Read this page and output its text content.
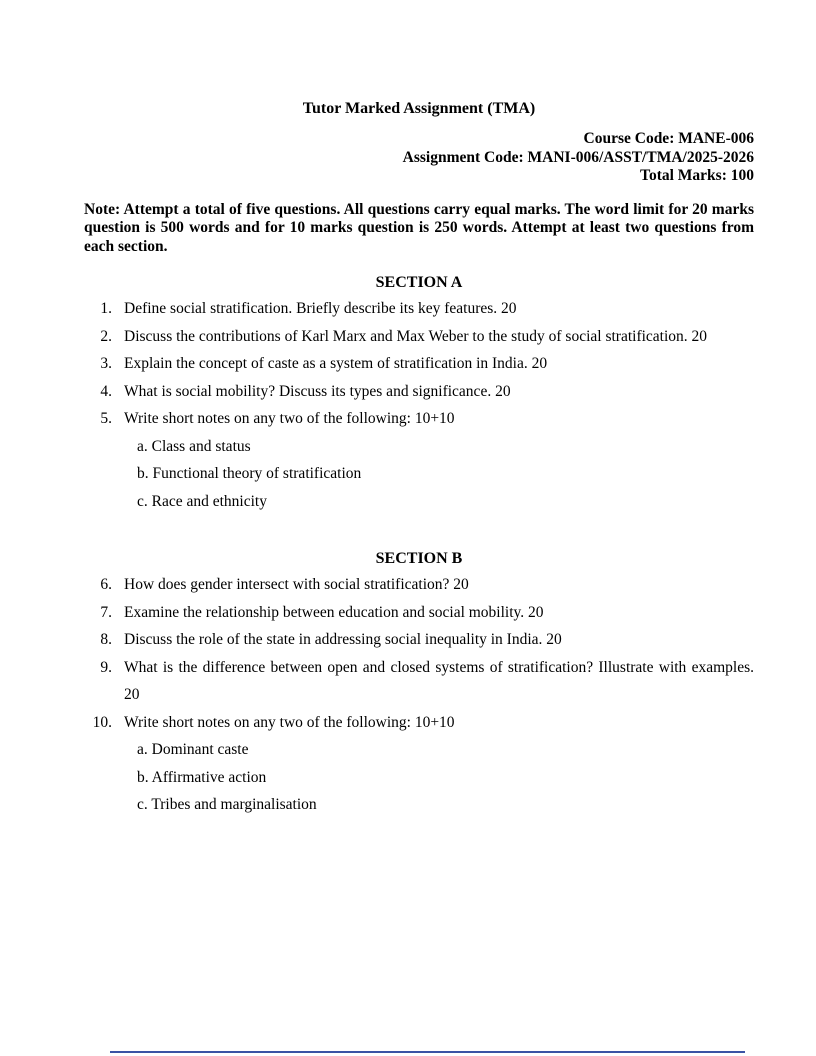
Tutor Marked Assignment (TMA)
Course Code: MANE-006
Assignment Code: MANI-006/ASST/TMA/2025-2026
Total Marks: 100
Note: Attempt a total of five questions. All questions carry equal marks. The word limit for 20 marks question is 500 words and for 10 marks question is 250 words. Attempt at least two questions from each section.
SECTION A
1. Define social stratification. Briefly describe its key features. 20
2. Discuss the contributions of Karl Marx and Max Weber to the study of social stratification. 20
3. Explain the concept of caste as a system of stratification in India. 20
4. What is social mobility? Discuss its types and significance. 20
5. Write short notes on any two of the following: 10+10
a. Class and status
b. Functional theory of stratification
c. Race and ethnicity
SECTION B
6. How does gender intersect with social stratification? 20
7. Examine the relationship between education and social mobility. 20
8. Discuss the role of the state in addressing social inequality in India. 20
9. What is the difference between open and closed systems of stratification? Illustrate with examples. 20
10. Write short notes on any two of the following: 10+10
a. Dominant caste
b. Affirmative action
c. Tribes and marginalisation
